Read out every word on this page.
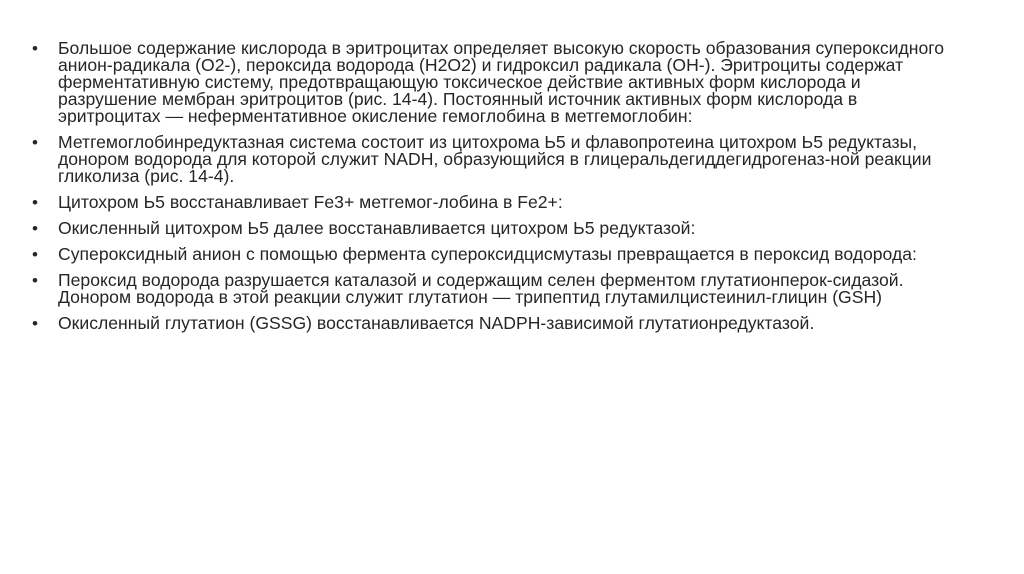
•	Большое содержание кислорода в эритроцитах определяет высокую скорость образования супероксидного анион-радикала (O2-), пероксида водорода (H2O2) и гидроксил радикала (OH-). Эритроциты содержат ферментативную систему, предотвращающую токсическое действие активных форм кислорода и разрушение мембран эритроцитов (рис. 14-4). Постоянный источник активных форм кислорода в эритроцитах — неферментативное окисление гемоглобина в метгемоглобин:
•	Метгемоглобинредуктазная система состоит из цитохрома Ь5 и флавопротеина цитохром Ь5 редуктазы, донором водорода для которой служит NADH, образующийся в глицеральдегиддегидрогеназ-ной реакции гликолиза (рис. 14-4).
•	Цитохром Ь5 восстанавливает Fe3+ метгемог-лобина в Fe2+:
•	Окисленный цитохром Ь5 далее восстанавливается цитохром Ь5 редуктазой:
•	Супероксидный анион с помощью фермента супероксидцисмутазы превращается в пероксид водорода:
•	Пероксид водорода разрушается каталазой и содержащим селен ферментом глутатионперок-сидазой. Донором водорода в этой реакции служит глутатион — трипептид глутамилцистеинил-глицин (GSH)
•	Окисленный глутатион (GSSG) восстанавливается NADPH-зависимой глутатионредуктазой.
